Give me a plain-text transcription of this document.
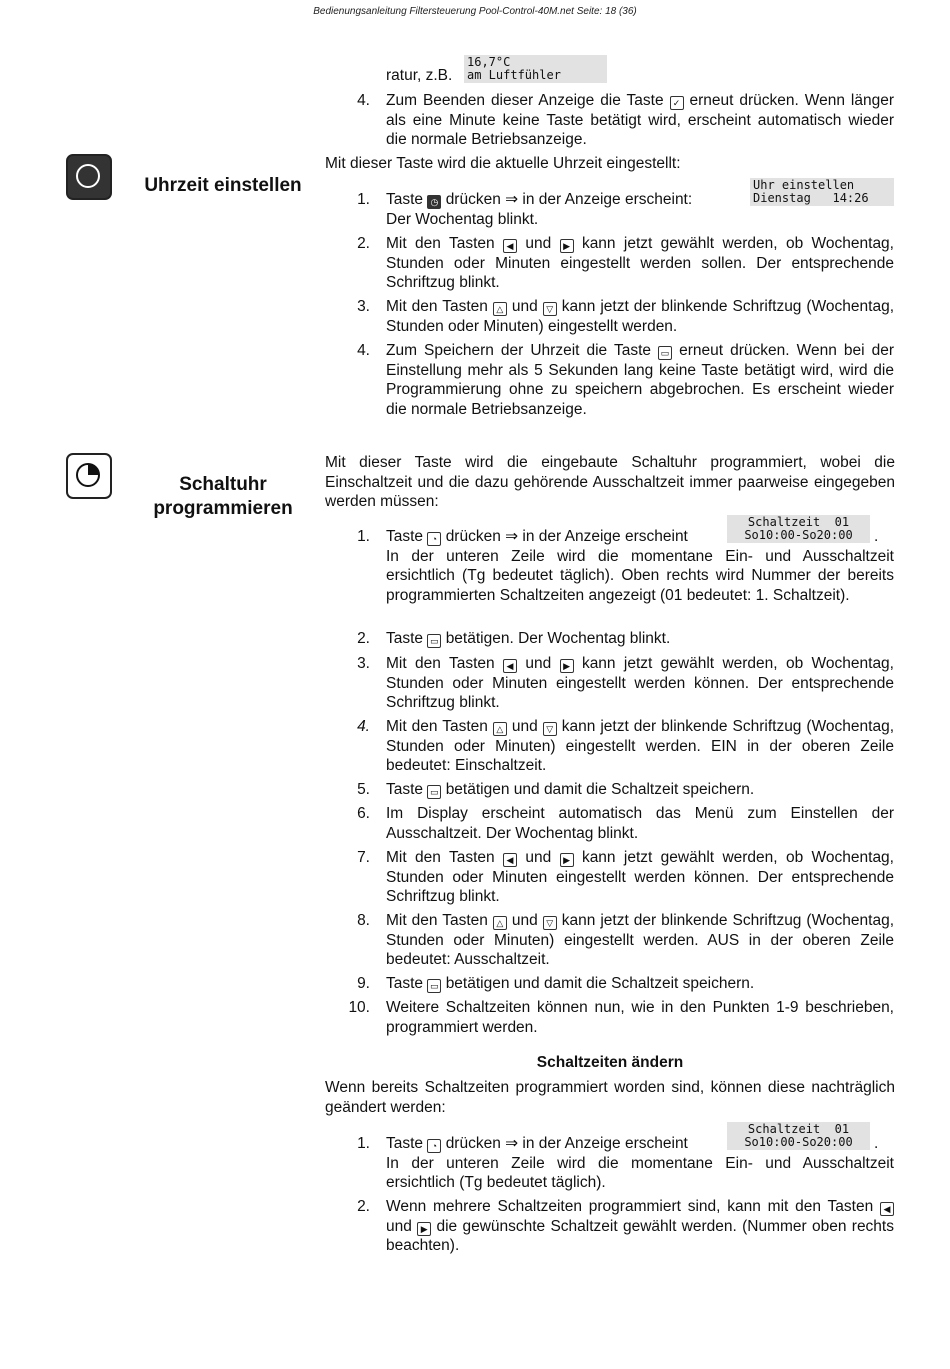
Bedienungsanleitung Filtersteuerung Pool-Control-40M.net Seite: 18 (36)
ratur, z.B.
16,7°C
am Luftfühler
4. Zum Beenden dieser Anzeige die Taste ✓ erneut drücken. Wenn länger als eine Minute keine Taste betätigt wird, erscheint automatisch wieder die normale Betriebsanzeige.
Uhrzeit einstellen
Mit dieser Taste wird die aktuelle Uhrzeit eingestellt:
Uhr einstellen
Dienstag   14:26
1. Taste ◷ drücken ⇒ in der Anzeige erscheint:
Der Wochentag blinkt.
2. Mit den Tasten ◀ und ▶ kann jetzt gewählt werden, ob Wochentag, Stunden oder Minuten eingestellt werden sollen. Der entsprechende Schriftzug blinkt.
3. Mit den Tasten △ und ▽ kann jetzt der blinkende Schriftzug (Wochentag, Stunden oder Minuten) eingestellt werden.
4. Zum Speichern der Uhrzeit die Taste ▭ erneut drücken. Wenn bei der Einstellung mehr als 5 Sekunden lang keine Taste betätigt wird, wird die Programmierung ohne zu speichern abgebrochen. Es erscheint wieder die normale Betriebsanzeige.
Schaltuhr
programmieren
Mit dieser Taste wird die eingebaute Schaltuhr programmiert, wobei die Einschaltzeit und die dazu gehörende Ausschaltzeit immer paarweise eingegeben werden müssen:
Schaltzeit  01
So10:00-So20:00
1. Taste ◔ drücken ⇒ in der Anzeige erscheint	. In der unteren Zeile wird die momentane Ein- und Ausschaltzeit ersichtlich (Tg bedeutet täglich). Oben rechts wird Nummer der bereits programmierten Schaltzeiten angezeigt (01 bedeutet: 1. Schaltzeit).
2. Taste ▭ betätigen. Der Wochentag blinkt.
3. Mit den Tasten ◀ und ▶ kann jetzt gewählt werden, ob Wochentag, Stunden oder Minuten eingestellt werden können. Der entsprechende Schriftzug blinkt.
4. Mit den Tasten △ und ▽ kann jetzt der blinkende Schriftzug (Wochentag, Stunden oder Minuten) eingestellt werden. EIN in der oberen Zeile bedeutet: Einschaltzeit.
5. Taste ▭ betätigen und damit die Schaltzeit speichern.
6. Im Display erscheint automatisch das Menü zum Einstellen der Ausschaltzeit. Der Wochentag blinkt.
7. Mit den Tasten ◀ und ▶ kann jetzt gewählt werden, ob Wochentag, Stunden oder Minuten eingestellt werden können. Der entsprechende Schriftzug blinkt.
8. Mit den Tasten △ und ▽ kann jetzt der blinkende Schriftzug (Wochentag, Stunden oder Minuten) eingestellt werden. AUS in der oberen Zeile bedeutet: Ausschaltzeit.
9. Taste ▭ betätigen und damit die Schaltzeit speichern.
10. Weitere Schaltzeiten können nun, wie in den Punkten 1-9 beschrieben, programmiert werden.
Schaltzeiten ändern
Wenn bereits Schaltzeiten programmiert worden sind, können diese nachträglich geändert werden:
Schaltzeit  01
So10:00-So20:00
1. Taste ◔ drücken ⇒ in der Anzeige erscheint	. In der unteren Zeile wird die momentane Ein- und Ausschaltzeit ersichtlich (Tg bedeutet täglich).
2. Wenn mehrere Schaltzeiten programmiert sind, kann mit den Tasten ◀ und ▶ die gewünschte Schaltzeit gewählt werden. (Nummer oben rechts beachten).
